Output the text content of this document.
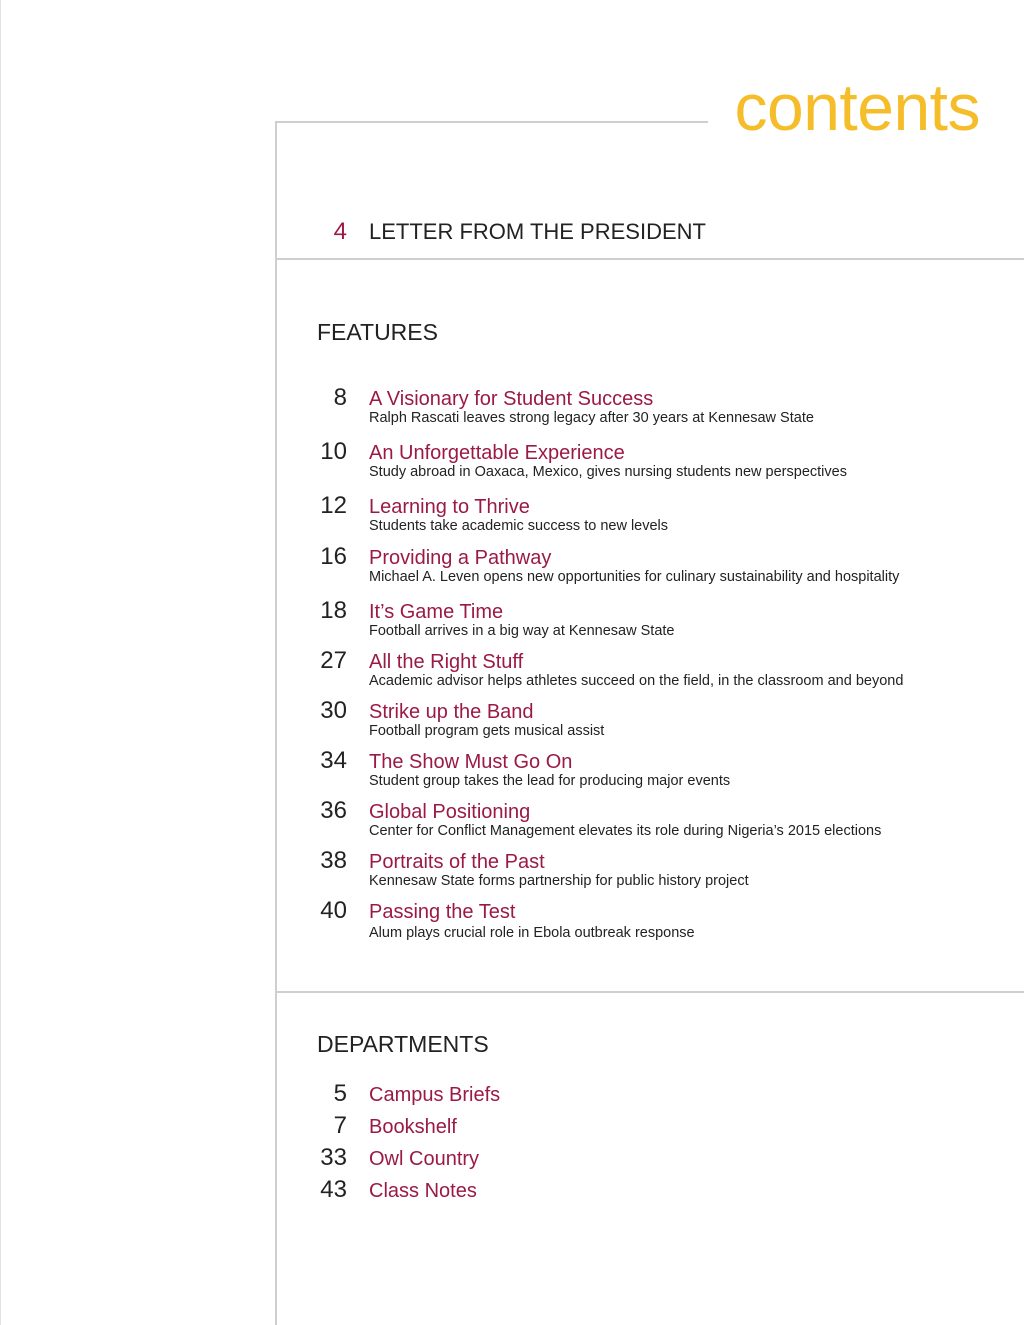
contents
4 LETTER FROM THE PRESIDENT
FEATURES
8 A Visionary for Student Success
Ralph Rascati leaves strong legacy after 30 years at Kennesaw State
10 An Unforgettable Experience
Study abroad in Oaxaca, Mexico, gives nursing students new perspectives
12 Learning to Thrive
Students take academic success to new levels
16 Providing a Pathway
Michael A. Leven opens new opportunities for culinary sustainability and hospitality
18 It’s Game Time
Football arrives in a big way at Kennesaw State
27 All the Right Stuff
Academic advisor helps athletes succeed on the field, in the classroom and beyond
30 Strike up the Band
Football program gets musical assist
34 The Show Must Go On
Student group takes the lead for producing major events
36 Global Positioning
Center for Conflict Management elevates its role during Nigeria’s 2015 elections
38 Portraits of the Past
Kennesaw State forms partnership for public history project
40 Passing the Test
Alum plays crucial role in Ebola outbreak response
DEPARTMENTS
5 Campus Briefs
7 Bookshelf
33 Owl Country
43 Class Notes
